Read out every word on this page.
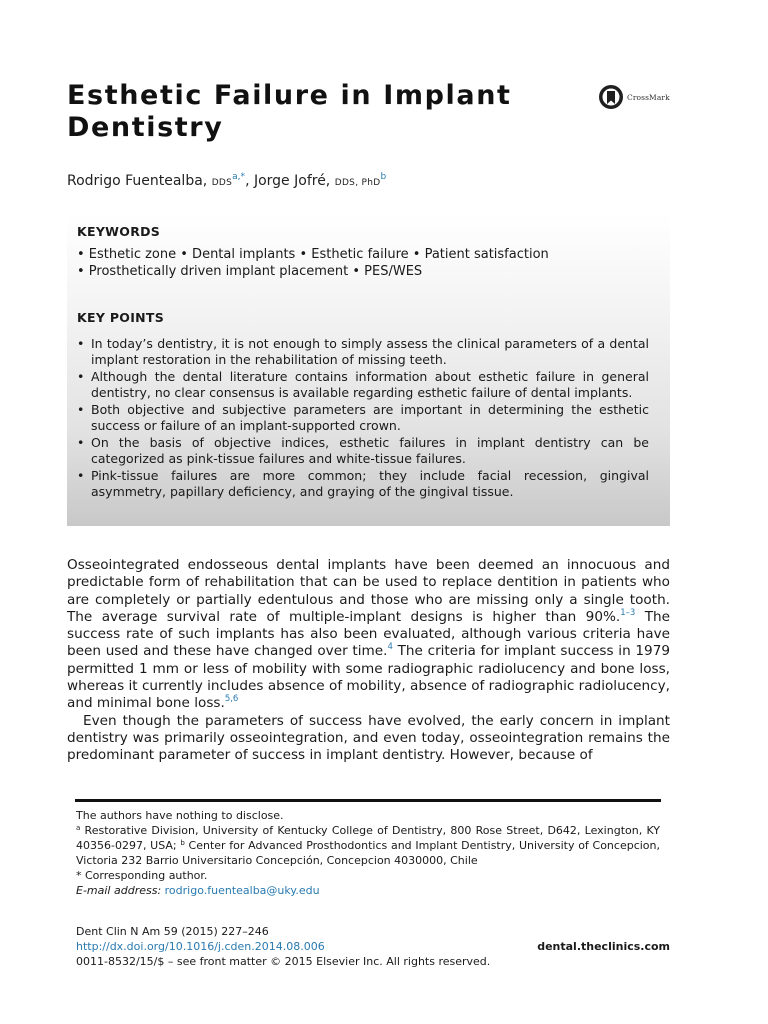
Esthetic Failure in Implant
Dentistry
CrossMark
Rodrigo Fuentealba, $DDS^{a,*}$, Jorge Jofré, DDS, PhD$^b$
KEYWORDS
• Esthetic zone • Dental implants • Esthetic failure • Patient satisfaction
• Prosthetically driven implant placement • PES/WES
KEY POINTS
• In today’s dentistry, it is not enough to simply assess the clinical parameters of a dental implant restoration in the rehabilitation of missing teeth.
• Although the dental literature contains information about esthetic failure in general dentistry, no clear consensus is available regarding esthetic failure of dental implants.
• Both objective and subjective parameters are important in determining the esthetic success or failure of an implant-supported crown.
• On the basis of objective indices, esthetic failures in implant dentistry can be categorized as pink-tissue failures and white-tissue failures.
• Pink-tissue failures are more common; they include facial recession, gingival asymmetry, papillary deficiency, and graying of the gingival tissue.

Osseointegrated endosseous dental implants have been deemed an innocuous and predictable form of rehabilitation that can be used to replace dentition in patients who are completely or partially edentulous and those who are missing only a single tooth. The average survival rate of multiple-implant designs is higher than 90%.$^{1-3}$ The success rate of such implants has also been evaluated, although various criteria have been used and these have changed over time.$^4$ The criteria for implant success in 1979 permitted 1 mm or less of mobility with some radiographic radiolucency and bone loss, whereas it currently includes absence of mobility, absence of radiographic radiolucency, and minimal bone loss.$^{5,6}$

Even though the parameters of success have evolved, the early concern in implant dentistry was primarily osseointegration, and even today, osseointegration remains the predominant parameter of success in implant dentistry. However, because of

The authors have nothing to disclose.

$^a$ Restorative Division, University of Kentucky College of Dentistry, 800 Rose Street, D642, Lexington, KY 40356-0297, USA; $^b$ Center for Advanced Prosthodontics and Implant Dentistry, University of Concepcion, Victoria 232 Barrio Universitario Concepción, Concepcion 4030000, Chile

* Corresponding author.

E-mail address: rodrigo.fuentealba@uky.edu

Dent Clin N Am 59 (2015) 227–246
http://dx.doi.org/10.1016/j.cden.2014.08.006	dental.theclinics.com
0011-8532/15/$ – see front matter © 2015 Elsevier Inc. All rights reserved.
